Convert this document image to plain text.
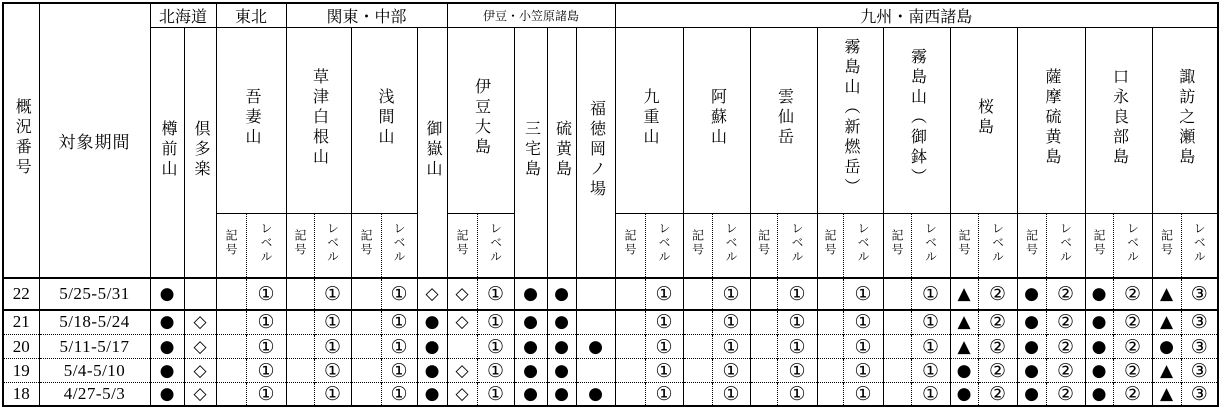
概況番号	対象期間	北海道		東北		関東・中部					伊豆・小笠原諸島					九州・南西諸島																	
		樽前山	倶多楽	吾妻山		草津白根山		浅間山		御嶽山	伊豆大島		三宅島	硫黄島	福徳岡ノ場	九重山		阿蘇山		雲仙岳		霧島山（新燃岳）		霧島山（御鉢）		桜島		薩摩硫黄島		口永良部島		諏訪之瀬島	
				記号	レベル	記号	レベル	記号	レベル		記号	レベル				記号	レベル	記号	レベル	記号	レベル	記号	レベル	記号	レベル	記号	レベル	記号	レベル	記号	レベル	記号	レベル
22	5/25-5/31	●			①		①		①	◇	◇	①	●	●			①		①		①		①		①	▲	②	●	②	●	②	▲	③
21	5/18-5/24	●	◇		①		①		①	●	◇	①	●	●			①		①		①		①		①	▲	②	●	②	●	②	▲	③
20	5/11-5/17	●	◇		①		①		①	●		①	●	●	●		①		①		①		①		①	▲	②	●	②	●	②	●	③
19	5/4-5/10	●	◇		①		①		①	●	◇	①	●	●			①		①		①		①		①	●	②	●	②	●	②	▲	③
18	4/27-5/3	●	◇		①		①		①	●	◇	①	●	●	●		①		①		①		①		①	●	②	●	②	●	②	▲	③
